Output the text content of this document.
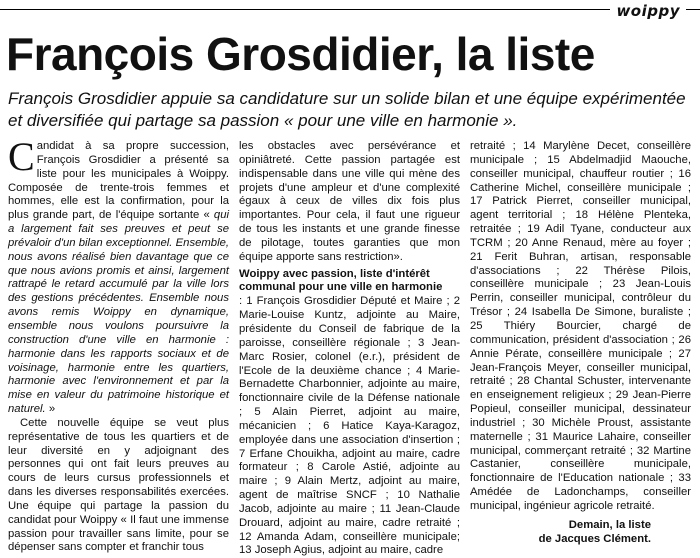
woippy
François Grosdidier, la liste

François Grosdidier appuie sa candidature sur un solide bilan et une équipe expérimentée et diversifiée qui partage sa passion « pour une ville en harmonie ».

Candidat à sa propre succession, François Grosdidier a présenté sa liste pour les municipales à Woippy. Composée de trente-trois femmes et hommes, elle est la confirmation, pour la plus grande part, de l'équipe sortante « qui a largement fait ses preuves et peut se prévaloir d'un bilan exceptionnel. Ensemble, nous avons réalisé bien davantage que ce que nous avions promis et ainsi, largement rattrapé le retard accumulé par la ville lors des gestions précédentes. Ensemble nous avons remis Woippy en dynamique, ensemble nous voulons poursuivre la construction d'une ville en harmonie : harmonie dans les rapports sociaux et de voisinage, harmonie entre les quartiers, harmonie avec l'environnement et par la mise en valeur du patrimoine historique et naturel. »

Cette nouvelle équipe se veut plus représentative de tous les quartiers et de leur diversité en y adjoignant des personnes qui ont fait leurs preuves au cours de leurs cursus professionnels et dans les diverses responsabilités exercées. Une équipe qui partage la passion du candidat pour Woippy « Il faut une immense passion pour travailler sans limite, pour se dépenser sans compter et franchir tous

les obstacles avec persévérance et opiniâtreté. Cette passion partagée est indispensable dans une ville qui mène des projets d'une ampleur et d'une complexité égaux à ceux de villes dix fois plus importantes. Pour cela, il faut une rigueur de tous les instants et une grande finesse de pilotage, toutes garanties que mon équipe apporte sans restriction».

Woippy avec passion, liste d'intérêt communal pour une ville en harmonie

: 1 François Grosdidier Député et Maire ; 2 Marie-Louise Kuntz, adjointe au Maire, présidente du Conseil de fabrique de la paroisse, conseillère régionale ; 3 Jean-Marc Rosier, colonel (e.r.), président de l'Ecole de la deuxième chance ; 4 Marie-Bernadette Charbonnier, adjointe au maire, fonctionnaire civile de la Défense nationale ; 5 Alain Pierret, adjoint au maire, mécanicien ; 6 Hatice Kaya-Karagoz, employée dans une association d'insertion ; 7 Erfane Chouikha, adjoint au maire, cadre formateur ; 8 Carole Astié, adjointe au maire ; 9 Alain Mertz, adjoint au maire, agent de maîtrise SNCF ; 10 Nathalie Jacob, adjointe au maire ; 11 Jean-Claude Drouard, adjoint au maire, cadre retraité ; 12 Amanda Adam, conseillère municipale; 13 Joseph Agius, adjoint au maire, cadre

retraité ; 14 Marylène Decet, conseillère municipale ; 15 Abdelmadjid Maouche, conseiller municipal, chauffeur routier ; 16 Catherine Michel, conseillère municipale ; 17 Patrick Pierret, conseiller municipal, agent territorial ; 18 Hélène Plenteka, retraitée ; 19 Adil Tyane, conducteur aux TCRM ; 20 Anne Renaud, mère au foyer ; 21 Ferit Buhran, artisan, responsable d'associations ; 22 Thérèse Pilois, conseillère municipale ; 23 Jean-Louis Perrin, conseiller municipal, contrôleur du Trésor ; 24 Isabella De Simone, buraliste ; 25 Thiéry Bourcier, chargé de communication, président d'association ; 26 Annie Pérate, conseillère municipale ; 27 Jean-François Meyer, conseiller municipal, retraité ; 28 Chantal Schuster, intervenante en enseignement religieux ; 29 Jean-Pierre Popieul, conseiller municipal, dessinateur industriel ; 30 Michèle Proust, assistante maternelle ; 31 Maurice Lahaire, conseiller municipal, commerçant retraité ; 32 Martine Castanier, conseillère municipale, fonctionnaire de l'Education nationale ; 33 Amédée de Ladonchamps, conseiller municipal, ingénieur agricole retraité.

Demain, la liste
de Jacques Clément.
